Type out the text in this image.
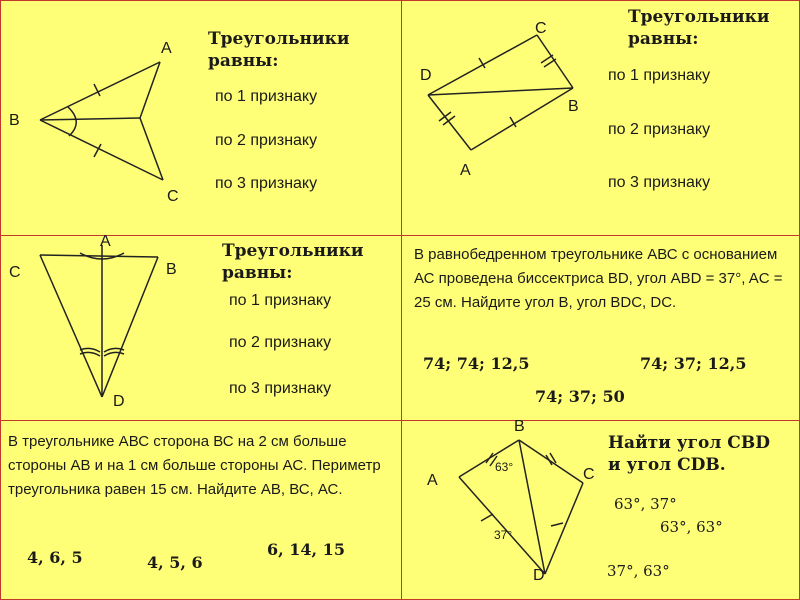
A
B
C
Треугольники
равны:
по 1 признаку
по 2 признаку
по 3 признаку
C
D
B
A
Треугольники
равны:
по 1 признаку
по 2 признаку
по 3 признаку
A
C	B
D
Треугольники
равны:
по 1 признаку
по 2 признаку
по 3 признаку
В равнобедренном треугольнике АВС с основанием АС проведена биссектриса BD, угол ABD = 37°, AC = 25 см. Найдите угол В, угол BDC, DC.
74; 74; 12,5	74; 37; 12,5
74; 37; 50
В треугольнике АВС сторона ВС на 2 см больше стороны АВ и на 1 см больше стороны АС. Периметр треугольника равен 15 см. Найдите АВ, ВС, АС.
4, 6, 5	4, 5, 6
6, 14, 15
B
A	C
D
63°
37°
Найти угол CBD
и угол CDB.
63°, 37°
63°, 63°
37°, 63°
